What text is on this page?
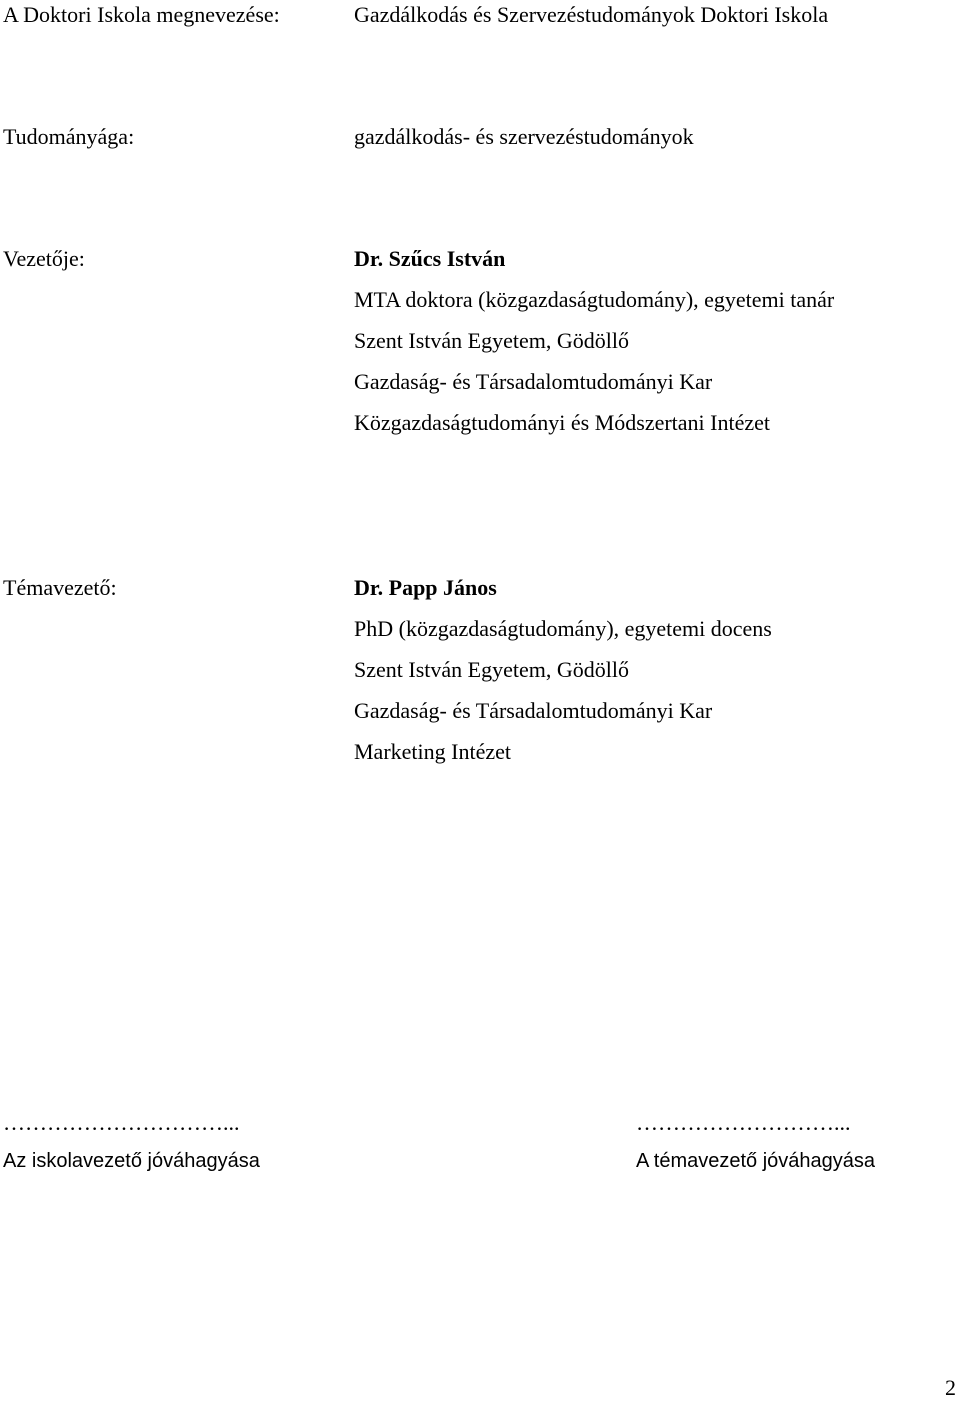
A Doktori Iskola megnevezése:	Gazdálkodás és Szervezéstudományok Doktori Iskola
Tudományága:	gazdálkodás- és szervezéstudományok
Vezetője:	Dr. Szűcs István
MTA doktora (közgazdaságtudomány), egyetemi tanár
Szent István Egyetem, Gödöllő
Gazdaság- és Társadalomtudományi Kar
Közgazdaságtudományi és Módszertani Intézet
Témavezető:	Dr. Papp János
PhD (közgazdaságtudomány), egyetemi docens
Szent István Egyetem, Gödöllő
Gazdaság- és Társadalomtudományi Kar
Marketing Intézet
…………………………...
Az iskolavezető jóváhagyása
………………………...
A témavezető jóváhagyása
2
